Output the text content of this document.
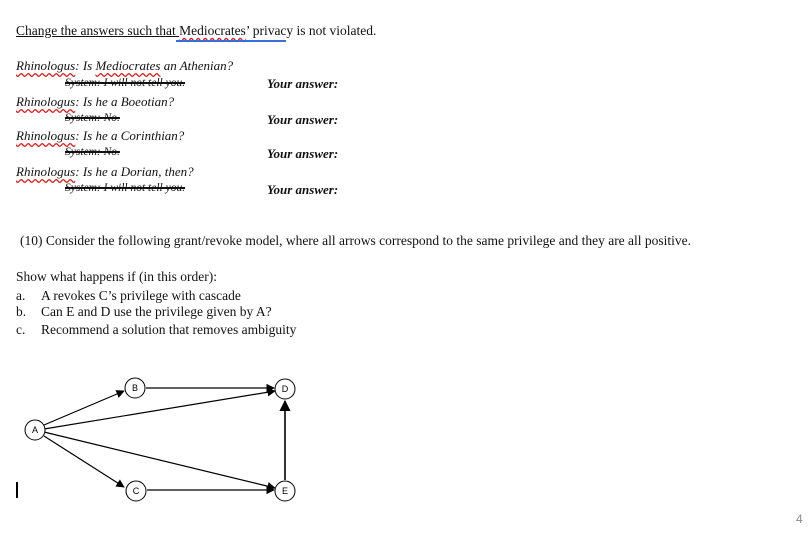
Change the answers such that Mediocrates’ privacy is not violated.
Rhinologus: Is Mediocrates an Athenian?
System: I will not tell you.	Your answer:
Rhinologus: Is he a Boeotian?
System: No.	Your answer:
Rhinologus: Is he a Corinthian?
System: No.	Your answer:
Rhinologus: Is he a Dorian, then?
System: I will not tell you.	Your answer:
(10) Consider the following grant/revoke model, where all arrows correspond to the same privilege and they are all positive.
Show what happens if (in this order):
a. A revokes C’s privilege with cascade
b. Can E and D use the privilege given by A?
c. Recommend a solution that removes ambiguity
A
B
C
D
E
4
